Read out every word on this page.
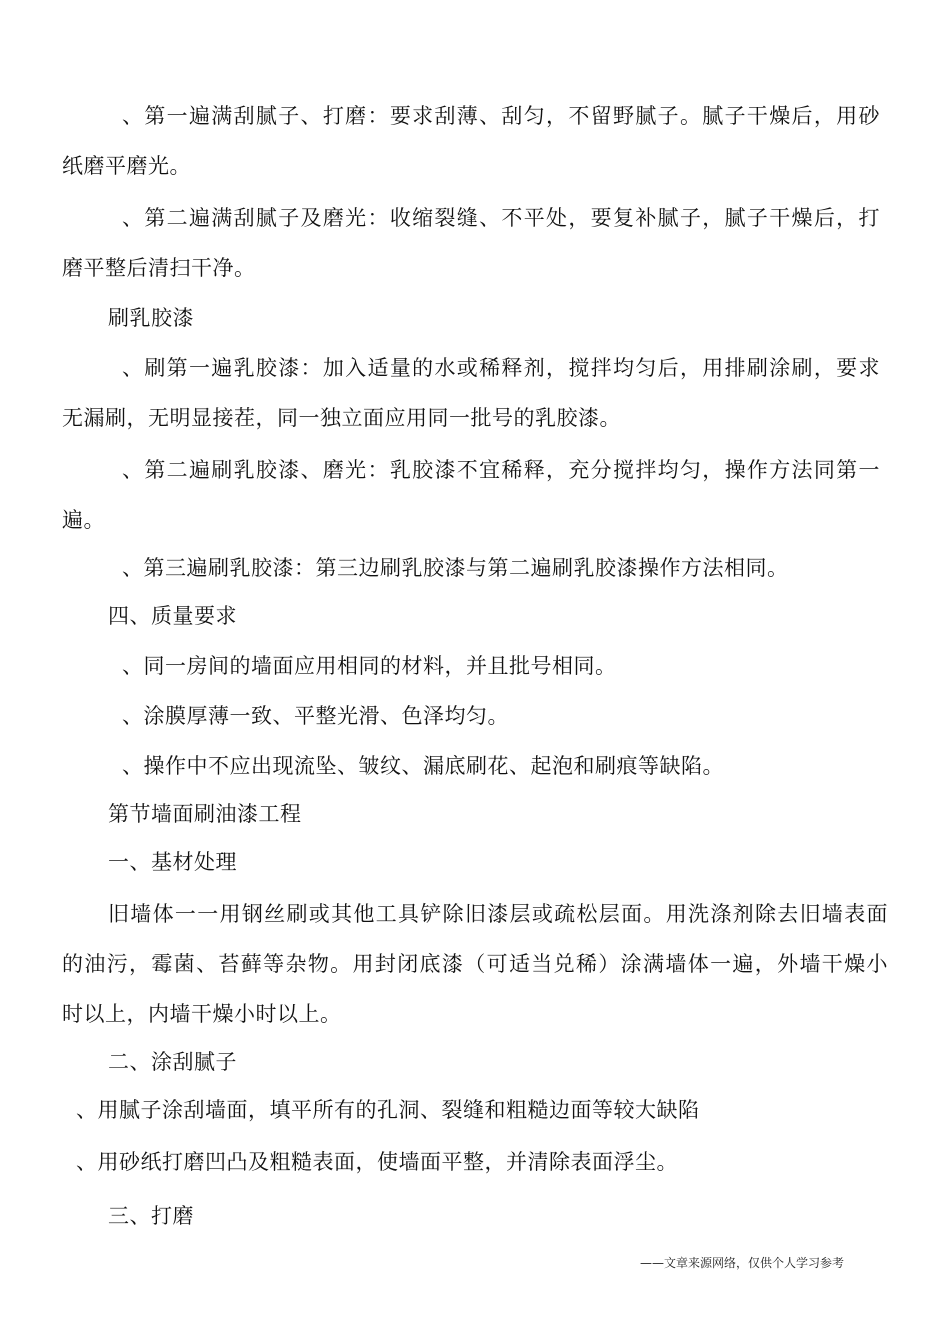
、第一遍满刮腻子、打磨：要求刮薄、刮匀，不留野腻子。腻子干燥后，用砂
纸磨平磨光。
、第二遍满刮腻子及磨光：收缩裂缝、不平处，要复补腻子，腻子干燥后，打
磨平整后清扫干净。
刷乳胶漆
、刷第一遍乳胶漆：加入适量的水或稀释剂，搅拌均匀后，用排刷涂刷，要求
无漏刷，无明显接茬，同一独立面应用同一批号的乳胶漆。
、第二遍刷乳胶漆、磨光：乳胶漆不宜稀释，充分搅拌均匀，操作方法同第一
遍。
、第三遍刷乳胶漆：第三边刷乳胶漆与第二遍刷乳胶漆操作方法相同。
四、质量要求
、同一房间的墙面应用相同的材料，并且批号相同。
、涂膜厚薄一致、平整光滑、色泽均匀。
、操作中不应出现流坠、皱纹、漏底刷花、起泡和刷痕等缺陷。
第节墙面刷油漆工程
一、基材处理
旧墙体一一用钢丝刷或其他工具铲除旧漆层或疏松层面。用洗涤剂除去旧墙表面
的油污，霉菌、苔藓等杂物。用封闭底漆（可适当兑稀）涂满墙体一遍，外墙干燥小
时以上，内墙干燥小时以上。
二、涂刮腻子
、用腻子涂刮墙面，填平所有的孔洞、裂缝和粗糙边面等较大缺陷
、用砂纸打磨凹凸及粗糙表面，使墙面平整，并清除表面浮尘。
三、打磨
——文章来源网络，仅供个人学习参考
